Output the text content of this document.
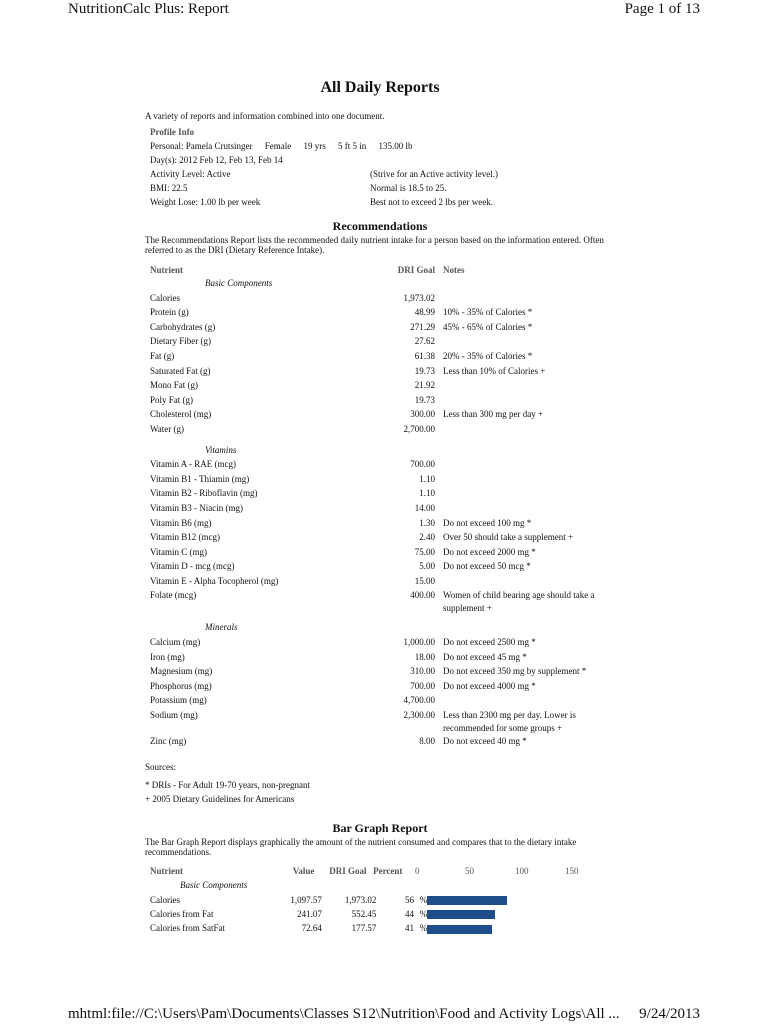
NutritionCalc Plus: Report	Page 1 of 13
All Daily Reports
A variety of reports and information combined into one document.
Profile Info
Personal: Pamela Crutsinger Female 19 yrs 5 ft 5 in 135.00 lb
Day(s): 2012 Feb 12, Feb 13, Feb 14
Activity Level: Active	(Strive for an Active activity level.)
BMI: 22.5	Normal is 18.5 to 25.
Weight Lose: 1.00 lb per week	Best not to exceed 2 lbs per week.
Recommendations
The Recommendations Report lists the recommended daily nutrient intake for a person based on the information entered. Often referred to as the DRI (Dietary Reference Intake).
Nutrient	DRI Goal Notes
Basic Components
Calories	1,973.02
Protein (g)	48.99 10% - 35% of Calories *
Carbohydrates (g)	271.29 45% - 65% of Calories *
Dietary Fiber (g)	27.62
Fat (g)	61.38 20% - 35% of Calories *
Saturated Fat (g)	19.73 Less than 10% of Calories +
Mono Fat (g)	21.92
Poly Fat (g)	19.73
Cholesterol (mg)	300.00 Less than 300 mg per day +
Water (g)	2,700.00
Vitamins
Vitamin A - RAE (mcg)	700.00
Vitamin B1 - Thiamin (mg)	1.10
Vitamin B2 - Riboflavin (mg)	1.10
Vitamin B3 - Niacin (mg)	14.00
Vitamin B6 (mg)	1.30 Do not exceed 100 mg *
Vitamin B12 (mcg)	2.40 Over 50 should take a supplement +
Vitamin C (mg)	75.00 Do not exceed 2000 mg *
Vitamin D - mcg (mcg)	5.00 Do not exceed 50 mcg *
Vitamin E - Alpha Tocopherol (mg)	15.00
Folate (mcg)	400.00 Women of child bearing age should take a supplement +
Minerals
Calcium (mg)	1,000.00 Do not exceed 2500 mg *
Iron (mg)	18.00 Do not exceed 45 mg *
Magnesium (mg)	310.00 Do not exceed 350 mg by supplement *
Phosphorus (mg)	700.00 Do not exceed 4000 mg *
Potassium (mg)	4,700.00
Sodium (mg)	2,300.00 Less than 2300 mg per day. Lower is recommended for some groups +
Zinc (mg)	8.00 Do not exceed 40 mg *
Sources:
* DRIs - For Adult 19-70 years, non-pregnant
+ 2005 Dietary Guidelines for Americans
Bar Graph Report
The Bar Graph Report displays graphically the amount of the nutrient consumed and compares that to the dietary intake recommendations.
Nutrient	Value	DRI Goal Percent 0	50	100	150
Basic Components
Calories	1,097.57	1,973.02	56 %
Calories from Fat	241.07	552.45	44 %
Calories from SatFat	72.64	177.57	41 %
mhtml:file://C:\Users\Pam\Documents\Classes S12\Nutrition\Food and Activity Logs\All ... 9/24/2013
